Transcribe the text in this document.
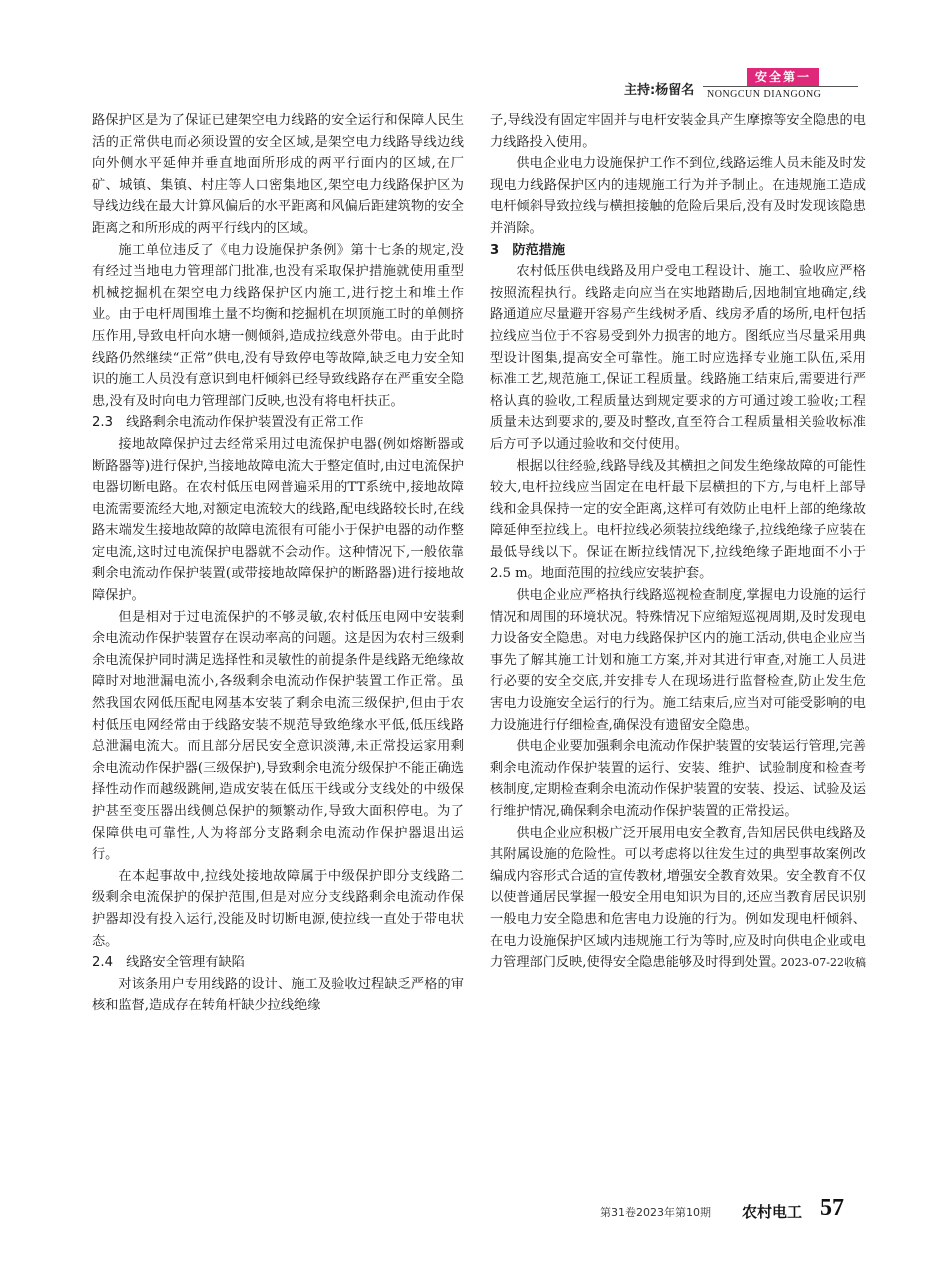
主持:杨留名
安全第一
NONGCUN DIANGONG

路保护区是为了保证已建架空电力线路的安全运行和保障人民生活的正常供电而必须设置的安全区域,是架空电力线路导线边线向外侧水平延伸并垂直地面所形成的两平行面内的区域,在厂矿、城镇、集镇、村庄等人口密集地区,架空电力线路保护区为导线边线在最大计算风偏后的水平距离和风偏后距建筑物的安全距离之和所形成的两平行线内的区域。

施工单位违反了《电力设施保护条例》第十七条的规定,没有经过当地电力管理部门批准,也没有采取保护措施就使用重型机械挖掘机在架空电力线路保护区内施工,进行挖土和堆土作业。由于电杆周围堆土量不均衡和挖掘机在坝顶施工时的单侧挤压作用,导致电杆向水塘一侧倾斜,造成拉线意外带电。由于此时线路仍然继续“正常”供电,没有导致停电等故障,缺乏电力安全知识的施工人员没有意识到电杆倾斜已经导致线路存在严重安全隐患,没有及时向电力管理部门反映,也没有将电杆扶正。

2.3　线路剩余电流动作保护装置没有正常工作

接地故障保护过去经常采用过电流保护电器(例如熔断器或断路器等)进行保护,当接地故障电流大于整定值时,由过电流保护电器切断电路。在农村低压电网普遍采用的TT系统中,接地故障电流需要流经大地,对额定电流较大的线路,配电线路较长时,在线路末端发生接地故障的故障电流很有可能小于保护电器的动作整定电流,这时过电流保护电器就不会动作。这种情况下,一般依靠剩余电流动作保护装置(或带接地故障保护的断路器)进行接地故障保护。

但是相对于过电流保护的不够灵敏,农村低压电网中安装剩余电流动作保护装置存在误动率高的问题。这是因为农村三级剩余电流保护同时满足选择性和灵敏性的前提条件是线路无绝缘故障时对地泄漏电流小,各级剩余电流动作保护装置工作正常。虽然我国农网低压配电网基本安装了剩余电流三级保护,但由于农村低压电网经常由于线路安装不规范导致绝缘水平低,低压线路总泄漏电流大。而且部分居民安全意识淡薄,未正常投运家用剩余电流动作保护器(三级保护),导致剩余电流分级保护不能正确选择性动作而越级跳闸,造成安装在低压干线或分支线处的中级保护甚至变压器出线侧总保护的频繁动作,导致大面积停电。为了保障供电可靠性,人为将部分支路剩余电流动作保护器退出运行。

在本起事故中,拉线处接地故障属于中级保护即分支线路二级剩余电流保护的保护范围,但是对应分支线路剩余电流动作保护器却没有投入运行,没能及时切断电源,使拉线一直处于带电状态。

2.4　线路安全管理有缺陷

对该条用户专用线路的设计、施工及验收过程缺乏严格的审核和监督,造成存在转角杆缺少拉线绝缘

子,导线没有固定牢固并与电杆安装金具产生摩擦等安全隐患的电力线路投入使用。

供电企业电力设施保护工作不到位,线路运维人员未能及时发现电力线路保护区内的违规施工行为并予制止。在违规施工造成电杆倾斜导致拉线与横担接触的危险后果后,没有及时发现该隐患并消除。

3　防范措施

农村低压供电线路及用户受电工程设计、施工、验收应严格按照流程执行。线路走向应当在实地踏勘后,因地制宜地确定,线路通道应尽量避开容易产生线树矛盾、线房矛盾的场所,电杆包括拉线应当位于不容易受到外力损害的地方。图纸应当尽量采用典型设计图集,提高安全可靠性。施工时应选择专业施工队伍,采用标准工艺,规范施工,保证工程质量。线路施工结束后,需要进行严格认真的验收,工程质量达到规定要求的方可通过竣工验收;工程质量未达到要求的,要及时整改,直至符合工程质量相关验收标准后方可予以通过验收和交付使用。

根据以往经验,线路导线及其横担之间发生绝缘故障的可能性较大,电杆拉线应当固定在电杆最下层横担的下方,与电杆上部导线和金具保持一定的安全距离,这样可有效防止电杆上部的绝缘故障延伸至拉线上。电杆拉线必须装拉线绝缘子,拉线绝缘子应装在最低导线以下。保证在断拉线情况下,拉线绝缘子距地面不小于2.5 m。地面范围的拉线应安装护套。

供电企业应严格执行线路巡视检查制度,掌握电力设施的运行情况和周围的环境状况。特殊情况下应缩短巡视周期,及时发现电力设备安全隐患。对电力线路保护区内的施工活动,供电企业应当事先了解其施工计划和施工方案,并对其进行审查,对施工人员进行必要的安全交底,并安排专人在现场进行监督检查,防止发生危害电力设施安全运行的行为。施工结束后,应当对可能受影响的电力设施进行仔细检查,确保没有遗留安全隐患。

供电企业要加强剩余电流动作保护装置的安装运行管理,完善剩余电流动作保护装置的运行、安装、维护、试验制度和检查考核制度,定期检查剩余电流动作保护装置的安装、投运、试验及运行维护情况,确保剩余电流动作保护装置的正常投运。

供电企业应积极广泛开展用电安全教育,告知居民供电线路及其附属设施的危险性。可以考虑将以往发生过的典型事故案例改编成内容形式合适的宣传教材,增强安全教育效果。安全教育不仅以使普通居民掌握一般安全用电知识为目的,还应当教育居民识别一般电力安全隐患和危害电力设施的行为。例如发现电杆倾斜、在电力设施保护区域内违规施工行为等时,应及时向供电企业或电力管理部门反映,使得安全隐患能够及时得到处置。

2023-07-22收稿
第31卷2023年第10期 农村电工 57
